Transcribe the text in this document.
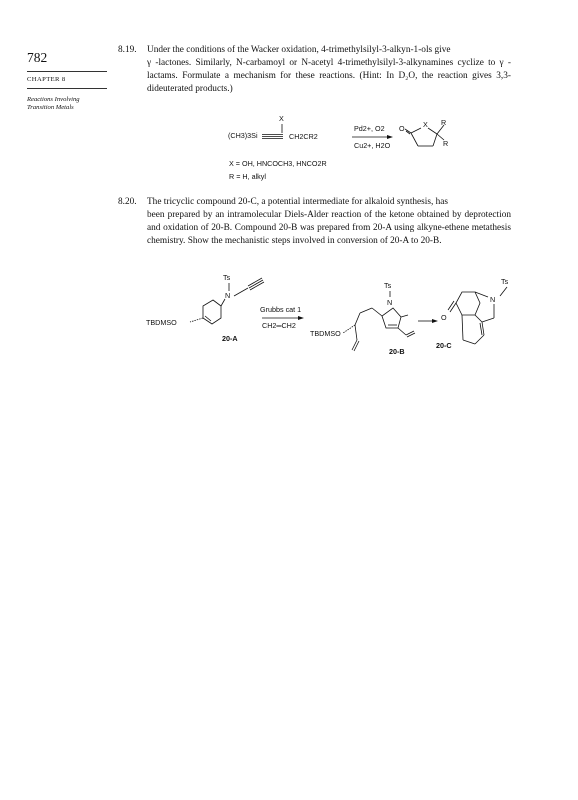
782
CHAPTER 8
Reactions Involving
Transition Metals
8.19. Under the conditions of the Wacker oxidation, 4-trimethylsilyl-3-alkyn-1-ols give
γ -lactones. Similarly, N-carbamoyl or N-acetyl 4-trimethylsilyl-3-alkynamines cyclize to γ -lactams. Formulate a mechanism for these reactions. (Hint: In D₂O, the reaction gives 3,3-dideuterated products.)
X
(CH3)3Si	CH2CR2
Pd2+, O2
Cu2+, H2O
O	X R
R
X = OH, HNCOCH3, HNCO2R
R = H, alkyl
8.20. The tricyclic compound 20-C, a potential intermediate for alkaloid synthesis, has
been prepared by an intramolecular Diels-Alder reaction of the ketone obtained by deprotection and oxidation of 20-B. Compound 20-B was prepared from 20-A using alkyne-ethene metathesis chemistry. Show the mechanistic steps involved in conversion of 20-A to 20-B.
Ts
N
TBDMSO
20-A
Grubbs cat 1
CH2═CH2
Ts
N
TBDMSO
20-B
Ts
N
O
20-C
